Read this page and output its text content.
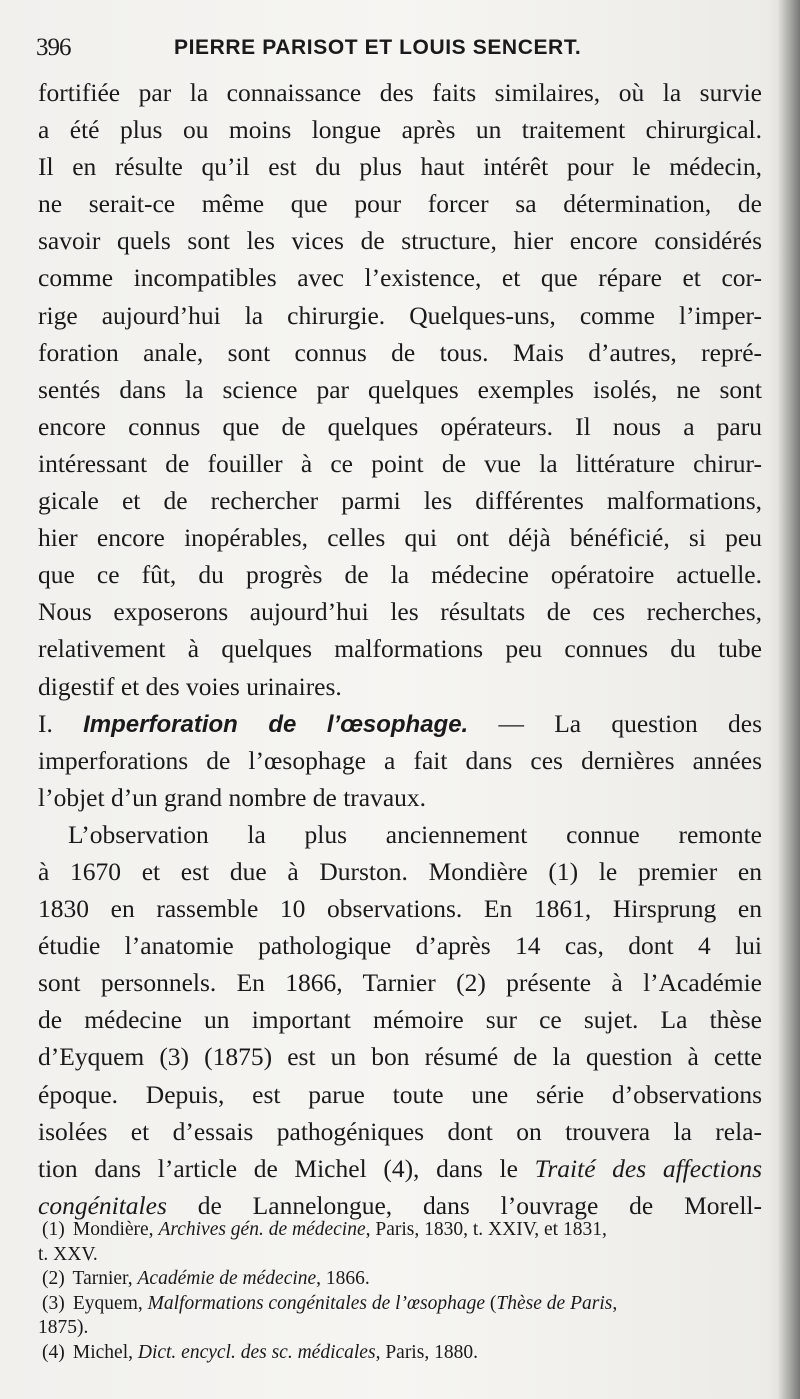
396	PIERRE PARISOT ET LOUIS SENCERT.
fortifiée par la connaissance des faits similaires, où la survie
a été plus ou moins longue après un traitement chirurgical.
Il en résulte qu’il est du plus haut intérêt pour le médecin,
ne serait-ce même que pour forcer sa détermination, de
savoir quels sont les vices de structure, hier encore considérés
comme incompatibles avec l’existence, et que répare et cor-
rige aujourd’hui la chirurgie. Quelques-uns, comme l’imper-
foration anale, sont connus de tous. Mais d’autres, repré-
sentés dans la science par quelques exemples isolés, ne sont
encore connus que de quelques opérateurs. Il nous a paru
intéressant de fouiller à ce point de vue la littérature chirur-
gicale et de rechercher parmi les différentes malformations,
hier encore inopérables, celles qui ont déjà bénéficié, si peu
que ce fût, du progrès de la médecine opératoire actuelle.
Nous exposerons aujourd’hui les résultats de ces recherches,
relativement à quelques malformations peu connues du tube
digestif et des voies urinaires.
I. Imperforation de l’œsophage. — La question des
imperforations de l’œsophage a fait dans ces dernières années
l’objet d’un grand nombre de travaux.
L’observation la plus anciennement connue remonte
à 1670 et est due à Durston. Mondière (1) le premier en
1830 en rassemble 10 observations. En 1861, Hirsprung en
étudie l’anatomie pathologique d’après 14 cas, dont 4 lui
sont personnels. En 1866, Tarnier (2) présente à l’Académie
de médecine un important mémoire sur ce sujet. La thèse
d’Eyquem (3) (1875) est un bon résumé de la question à cette
époque. Depuis, est parue toute une série d’observations
isolées et d’essais pathogéniques dont on trouvera la rela-
tion dans l’article de Michel (4), dans le Traité des affections
congénitales de Lannelongue, dans l’ouvrage de Morell-
(1) Mondière, Archives gén. de médecine, Paris, 1830, t. XXIV, et 1831,
t. XXV.
(2) Tarnier, Académie de médecine, 1866.
(3) Eyquem, Malformations congénitales de l’œsophage (Thèse de Paris,
1875).
(4) Michel, Dict. encycl. des sc. médicales, Paris, 1880.
